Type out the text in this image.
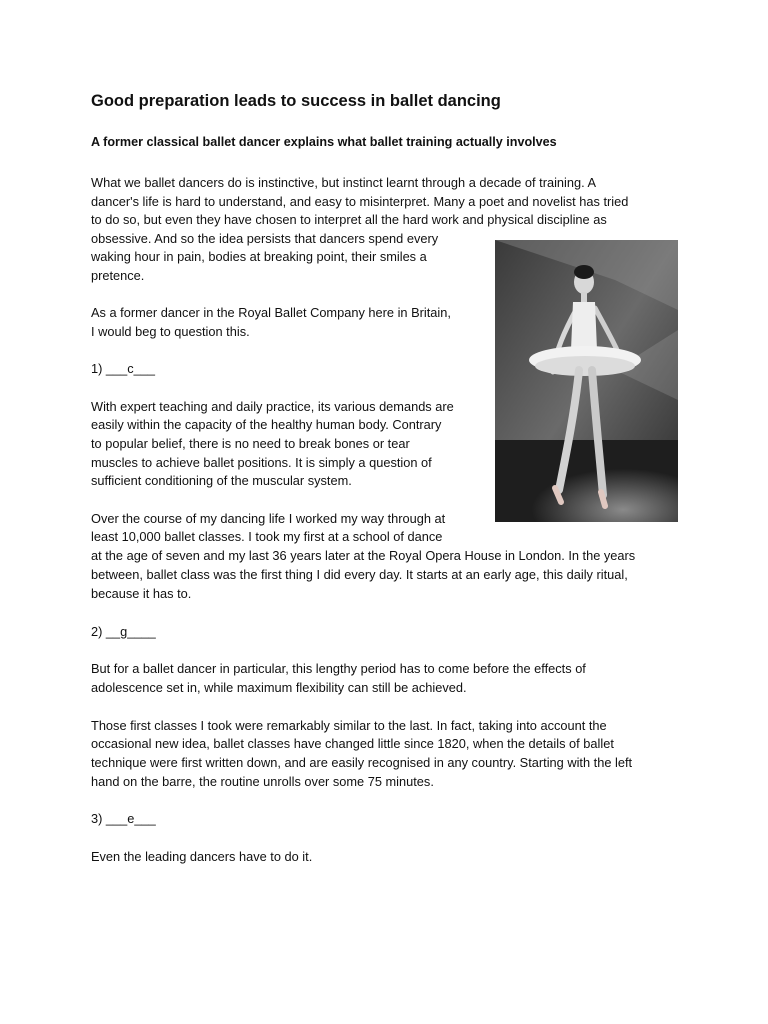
Good preparation leads to success in ballet dancing
A former classical ballet dancer explains what ballet training actually involves

What we ballet dancers do is instinctive, but instinct learnt through a decade of training. A

dancer's life is hard to understand, and easy to misinterpret. Many a poet and novelist has tried

to do so, but even they have chosen to interpret all the hard work and physical discipline as

obsessive. And so the idea persists that dancers spend every

waking hour in pain, bodies at breaking point, their smiles a

pretence.

As a former dancer in the Royal Ballet Company here in Britain,

I would beg to question this.

1) ___c___

With expert teaching and daily practice, its various demands are

easily within the capacity of the healthy human body. Contrary

to popular belief, there is no need to break bones or tear

muscles to achieve ballet positions. It is simply a question of

sufficient conditioning of the muscular system.

Over the course of my dancing life I worked my way through at

least 10,000 ballet classes. I took my first at a school of dance

at the age of seven and my last 36 years later at the Royal Opera House in London. In the years

between, ballet class was the first thing I did every day. It starts at an early age, this daily ritual,

because it has to.

2) __g____

But for a ballet dancer in particular, this lengthy period has to come before the effects of

adolescence set in, while maximum flexibility can still be achieved.

Those first classes I took were remarkably similar to the last. In fact, taking into account the

occasional new idea, ballet classes have changed little since 1820, when the details of ballet

technique were first written down, and are easily recognised in any country. Starting with the left

hand on the barre, the routine unrolls over some 75 minutes.

3) ___e___

Even the leading dancers have to do it.
